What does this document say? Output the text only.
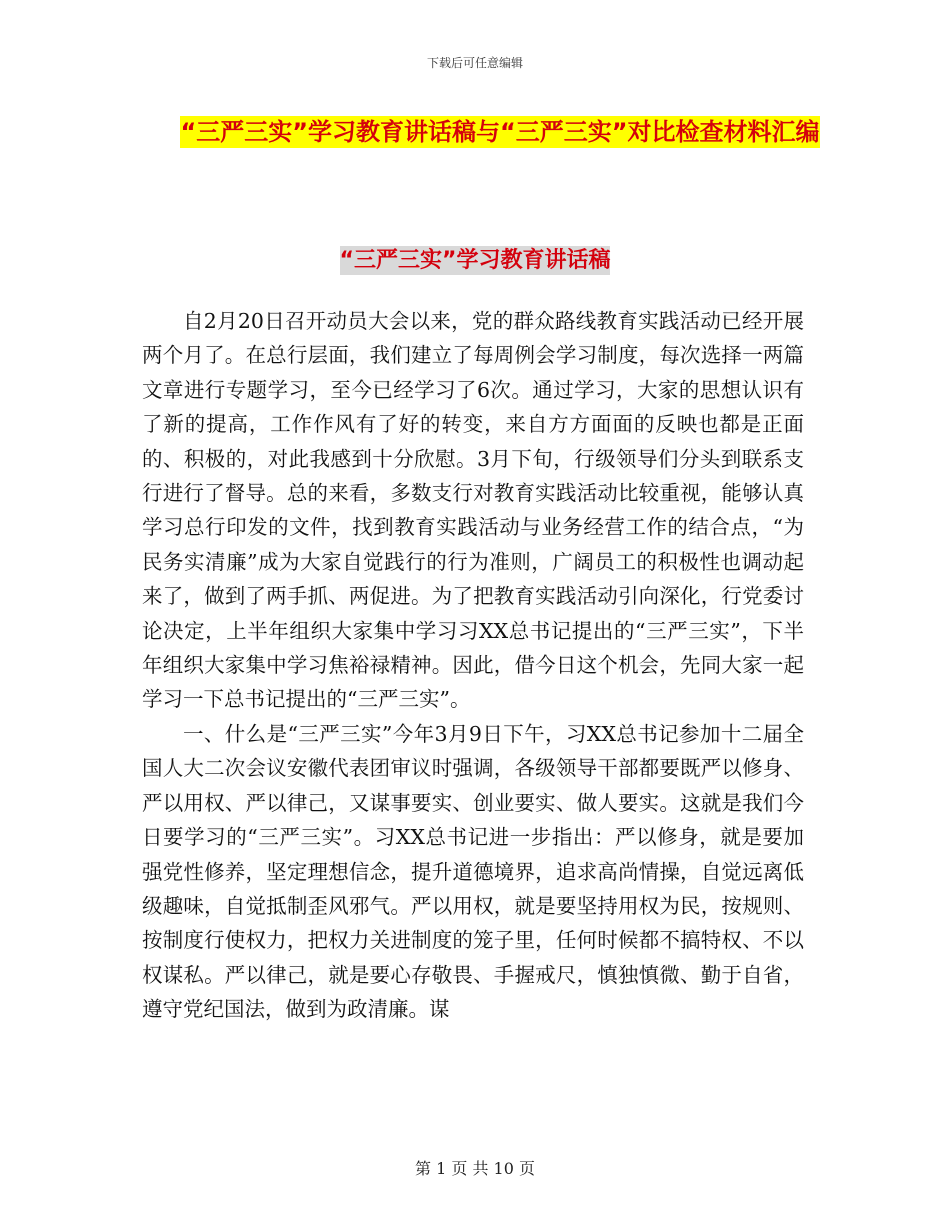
下载后可任意编辑
“三严三实”学习教育讲话稿与“三严三实”对比检查材料汇编
“三严三实”学习教育讲话稿

自2月20日召开动员大会以来，党的群众路线教育实践活动已经开展两个月了。在总行层面，我们建立了每周例会学习制度，每次选择一两篇文章进行专题学习，至今已经学习了6次。通过学习，大家的思想认识有了新的提高，工作作风有了好的转变，来自方方面面的反映也都是正面的、积极的，对此我感到十分欣慰。3月下旬，行级领导们分头到联系支行进行了督导。总的来看，多数支行对教育实践活动比较重视，能够认真学习总行印发的文件，找到教育实践活动与业务经营工作的结合点，“为民务实清廉”成为大家自觉践行的行为准则，广阔员工的积极性也调动起来了，做到了两手抓、两促进。为了把教育实践活动引向深化，行党委讨论决定，上半年组织大家集中学习习XX总书记提出的“三严三实”，下半年组织大家集中学习焦裕禄精神。因此，借今日这个机会，先同大家一起学习一下总书记提出的“三严三实”。

一、什么是“三严三实”今年3月9日下午，习XX总书记参加十二届全国人大二次会议安徽代表团审议时强调，各级领导干部都要既严以修身、严以用权、严以律己，又谋事要实、创业要实、做人要实。这就是我们今日要学习的“三严三实”。习XX总书记进一步指出：严以修身，就是要加强党性修养，坚定理想信念，提升道德境界，追求高尚情操，自觉远离低级趣味，自觉抵制歪风邪气。严以用权，就是要坚持用权为民，按规则、按制度行使权力，把权力关进制度的笼子里，任何时候都不搞特权、不以权谋私。严以律己，就是要心存敬畏、手握戒尺，慎独慎微、勤于自省，遵守党纪国法，做到为政清廉。谋

第 1 页 共 10 页
